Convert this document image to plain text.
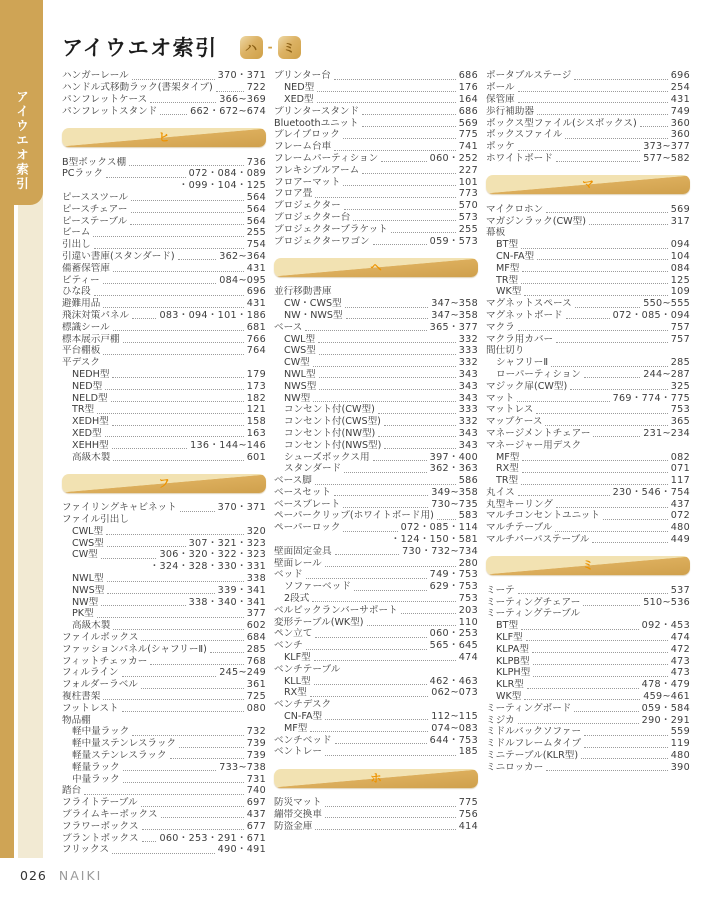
アイウエオ索引
アイウエオ索引	ハ - ミ
ハンガーレール	370・371
ハンドル式移動ラック(書架タイプ)	722
パンフレットケース	366~369
パンフレットスタンド	662・672~674
ヒ
B型ボックス棚	736
PCラック	072・084・089
・099・104・125
ピーススツール	564
ピースチェアー	564
ピーステーブル	564
ビーム	255
引出し	754
引違い書庫(スタンダード)	362~364
備蓄保管庫	431
ビティー	084~095
ひな段	696
避難用品	431
飛沫対策パネル	083・094・101・186
標識シール	681
標本展示戸棚	766
平台棚板	764
平デスク
NEDH型	179
NED型	173
NELD型	182
TR型	121
XEDH型	158
XED型	163
XEHH型	136・144~146
高級木製	601
フ
ファイリングキャビネット	370・371
ファイル引出し
CWL型	320
CWS型	307・321・323
CW型	306・320・322・323
・324・328・330・331
NWL型	338
NWS型	339・341
NW型	338・340・341
PK型	377
高級木製	602
ファイルボックス	684
ファッションパネル(シャフリーⅡ)	285
フィットチェッカー	768
フィルライン	245~249
フォルダーラベル	361
複柱書架	725
フットレスト	080
物品棚
軽中量ラック	732
軽中量ステンレスラック	739
軽量ステンレスラック	739
軽量ラック	733~738
中量ラック	731
踏台	740
フライトテーブル	697
プライムキーボックス	437
フラワーボックス	677
プラントボックス 060・253・291・671
フリックス	490・491
プリンター台	686
NED型	176
XED型	164
プリンタースタンド	686
Bluetoothユニット	569
プレイブロック	775
フレーム台車	741
フレームパーティション	060・252
フレキシブルアーム	227
フロアーマット	101
フロア畳	773
プロジェクター	570
プロジェクター台	573
プロジェクターブラケット	255
プロジェクターワゴン	059・573
ヘ
並行移動書庫
CW・CWS型	347~358
NW・NWS型	347~358
ベース	365・377
CWL型	332
CWS型	333
CW型	332
NWL型	343
NWS型	343
NW型	343
コンセント付(CW型)	333
コンセント付(CWS型)	332
コンセント付(NW型)	343
コンセント付(NWS型)	343
シューズボックス用	397・400
スタンダード	362・363
ベース脚	586
ベースセット	349~358
ベースプレート	730~735
ペーパークリップ(ホワイトボード用)	583
ペーパーロック	072・085・114
・124・150・581
壁面固定金具	730・732~734
壁面レール	280
ベッド	749・753
ソファーベッド	629・753
2段式	753
ベルビックランバーサポート	203
変形テーブル(WK型)	110
ペン立て	060・253
ベンチ	565・645
KLF型	474
ベンチテーブル
KLL型	462・463
RX型	062~073
ベンチデスク
CN-FA型	112~115
MF型	074~083
ベンチベッド	644・753
ベントレー	185
ホ
防災マット	775
繃帯交換車	756
防盗金庫	414
ポータブルステージ	696
ボール	254
保管庫	431
歩行補助器	749
ボックス型ファイル(シスボックス)	360
ボックスファイル	360
ポッケ	373~377
ホワイトボード	577~582
マ
マイクロホン	569
マガジンラック(CW型)	317
幕板
BT型	094
CN-FA型	104
MF型	084
TR型	125
WK型	109
マグネットスペース	550~555
マグネットボード	072・085・094
マクラ	757
マクラ用カバー	757
間仕切り
シャフリーⅡ	285
ローパーティション	244~287
マジック扉(CW型)	325
マット	769・774・775
マットレス	753
マップケース	365
マネージメントチェアー	231~234
マネージャー用デスク
MF型	082
RX型	071
TR型	117
丸イス	230・546・754
丸型キーリング	437
マルチコンセントユニット	072
マルチテーブル	480
マルチパーパステーブル	449
ミ
ミーテ	537
ミーティングチェアー	510~536
ミーティングテーブル
BT型	092・453
KLF型	474
KLPA型	472
KLPB型	473
KLPH型	473
KLR型	478・479
WK型	459~461
ミーティングボード	059・584
ミジカ	290・291
ミドルバックソファー	559
ミドルフレームタイプ	119
ミニテーブル(KLR型)	480
ミニロッカー	390
026 NAIKI
